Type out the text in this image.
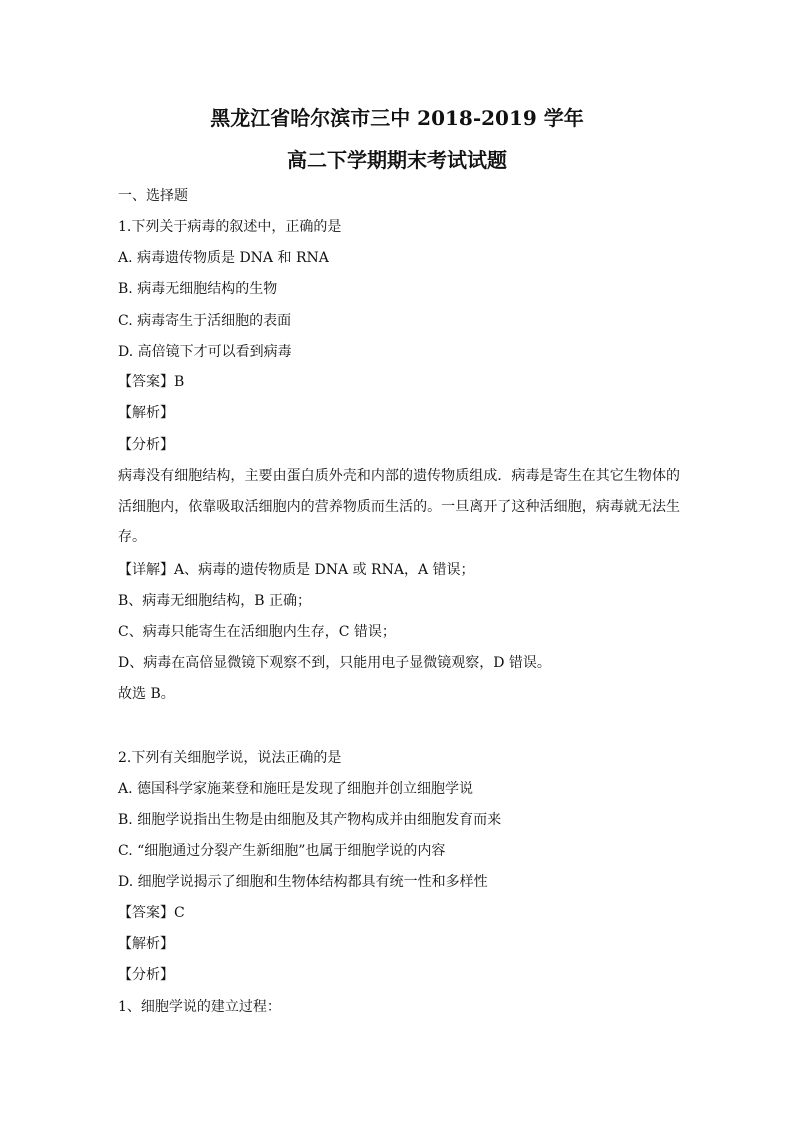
黑龙江省哈尔滨市三中 2018-2019 学年
高二下学期期末考试试题
一、选择题
1.下列关于病毒的叙述中，正确的是
A. 病毒遗传物质是 DNA 和 RNA
B. 病毒无细胞结构的生物
C. 病毒寄生于活细胞的表面
D. 高倍镜下才可以看到病毒
【答案】B
【解析】
【分析】
病毒没有细胞结构，主要由蛋白质外壳和内部的遗传物质组成．病毒是寄生在其它生物体的活细胞内，依靠吸取活细胞内的营养物质而生活的。一旦离开了这种活细胞，病毒就无法生存。
【详解】A、病毒的遗传物质是 DNA 或 RNA，A 错误；
B、病毒无细胞结构，B 正确；
C、病毒只能寄生在活细胞内生存，C 错误；
D、病毒在高倍显微镜下观察不到，只能用电子显微镜观察，D 错误。
故选 B。
2.下列有关细胞学说，说法正确的是
A. 德国科学家施莱登和施旺是发现了细胞并创立细胞学说
B. 细胞学说指出生物是由细胞及其产物构成并由细胞发育而来
C. “细胞通过分裂产生新细胞”也属于细胞学说的内容
D. 细胞学说揭示了细胞和生物体结构都具有统一性和多样性
【答案】C
【解析】
【分析】
1、细胞学说的建立过程：
